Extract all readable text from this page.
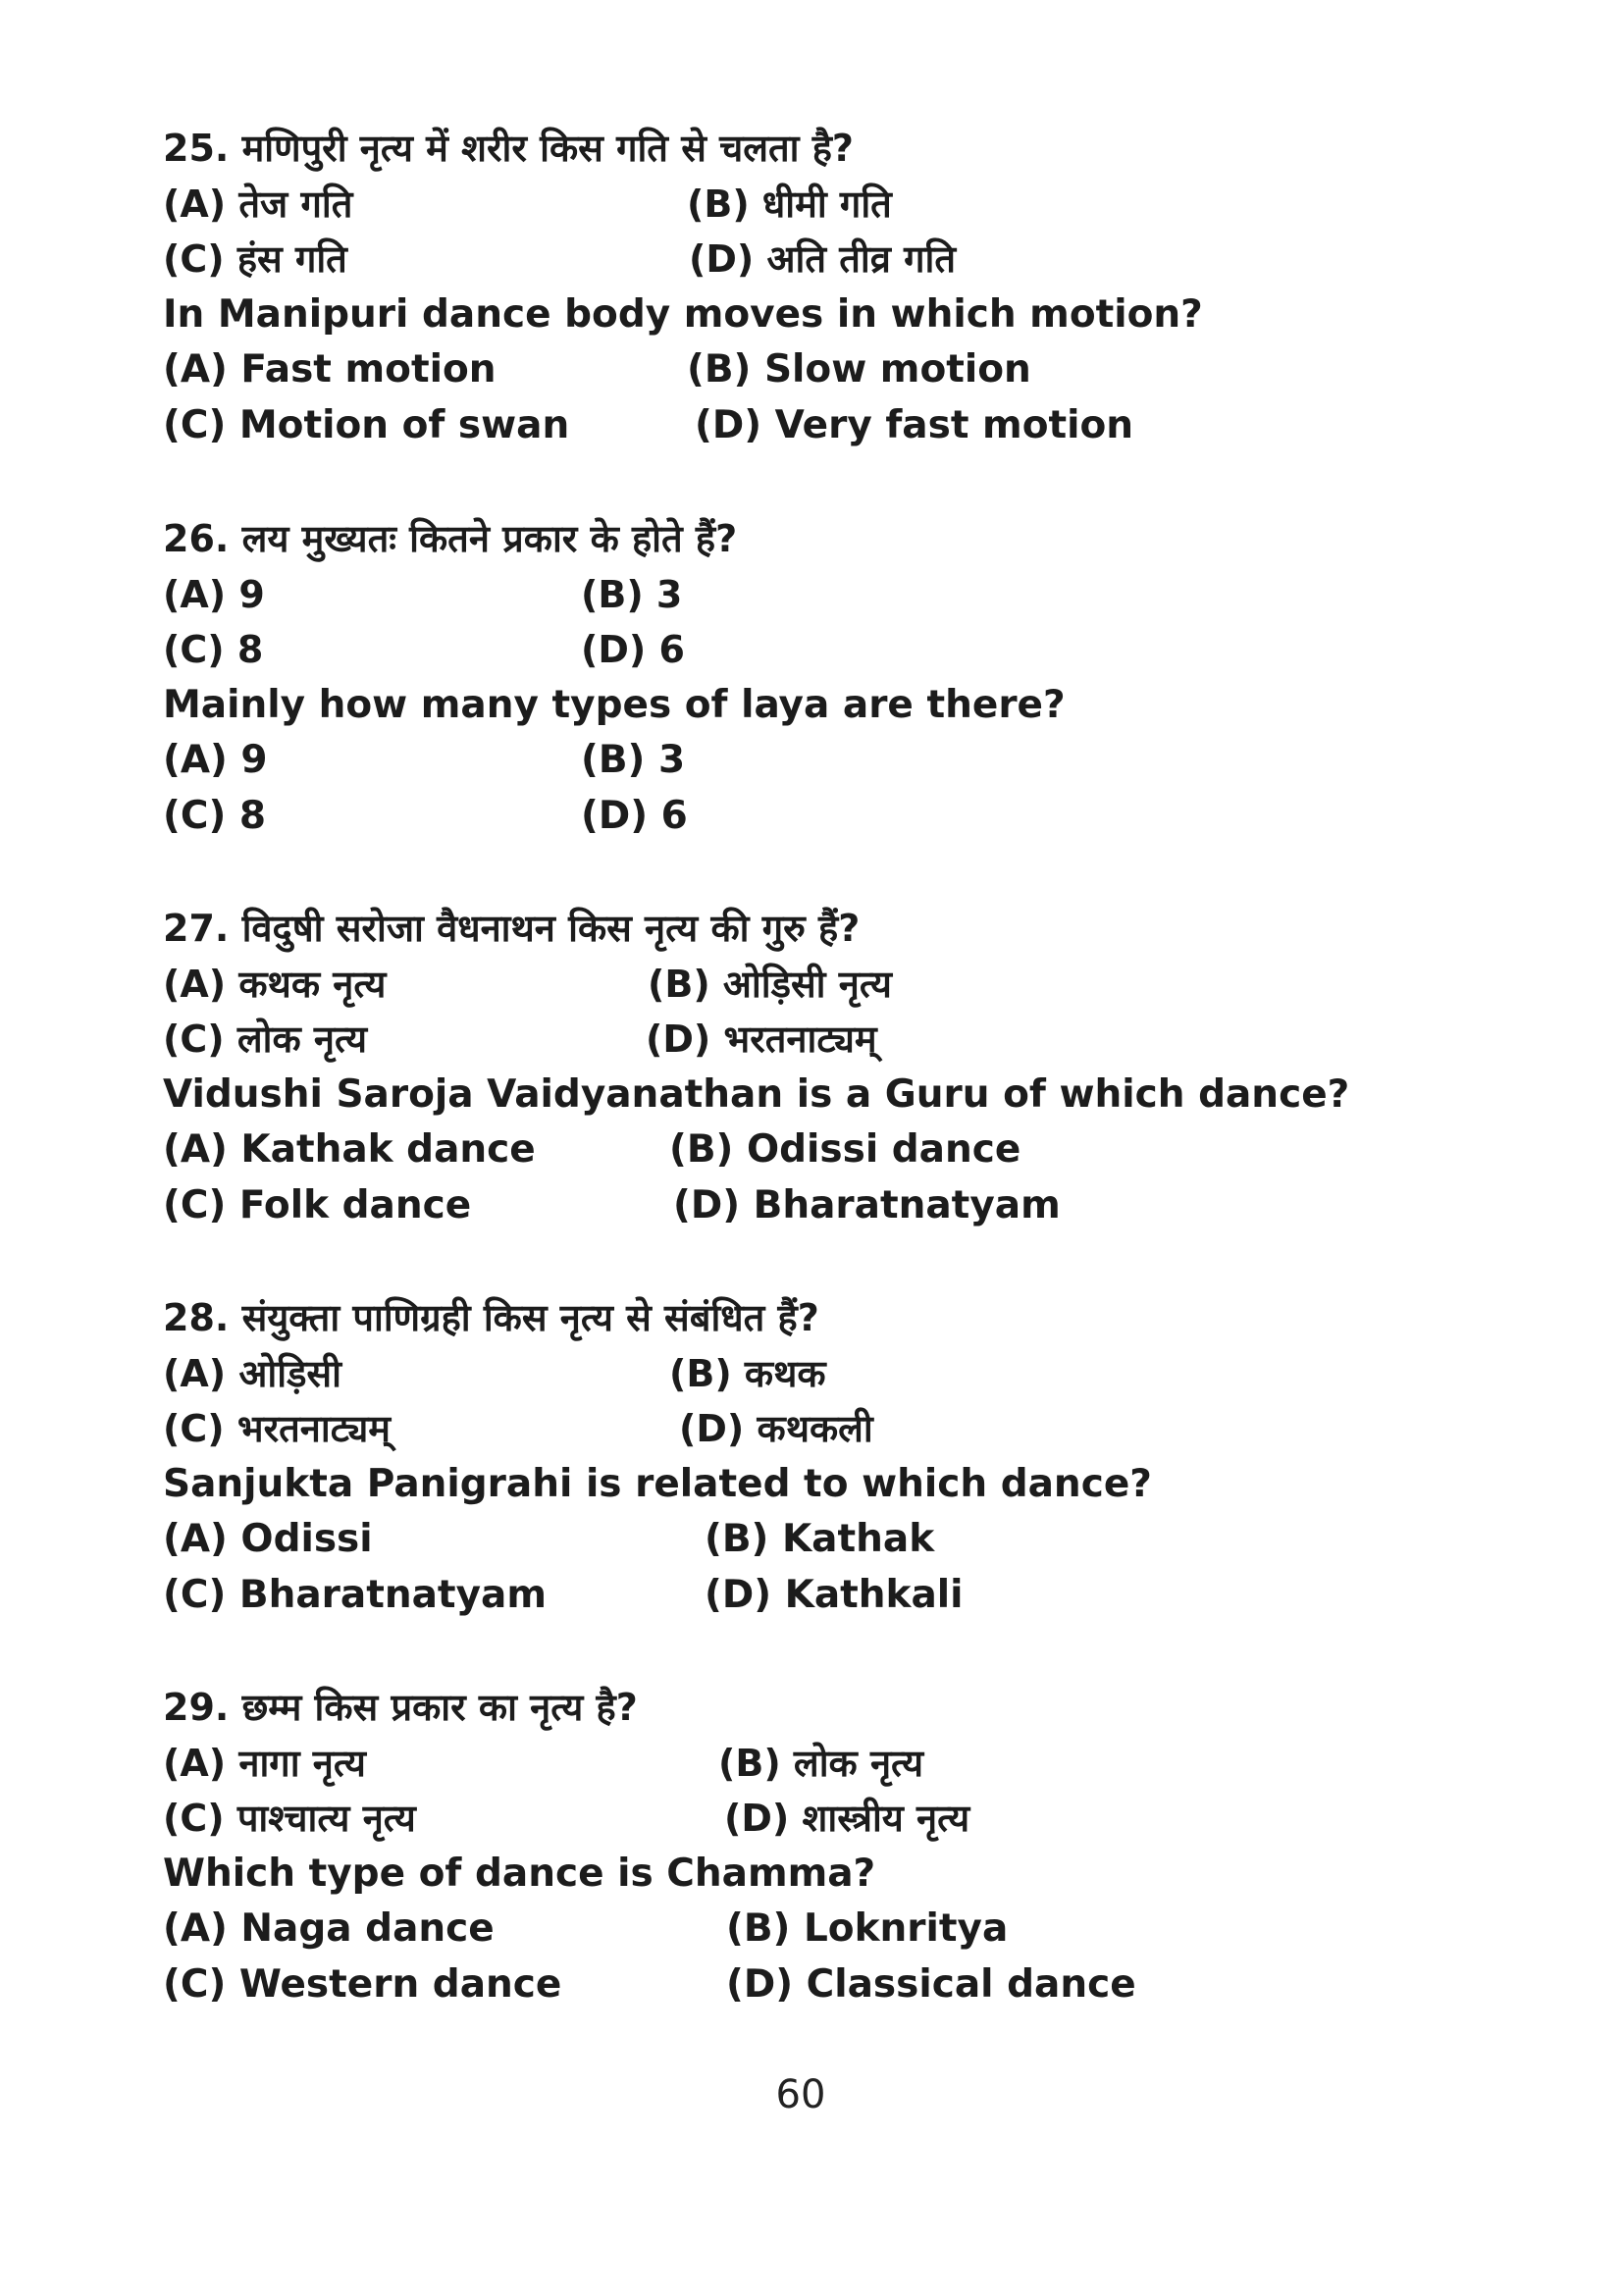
25. मणिपुरी नृत्य में शरीर किस गति से चलता है?
(A) तेज गति	(B) धीमी गति
(C) हंस गति	(D) अति तीव्र गति
In Manipuri dance body moves in which motion?
(A) Fast motion	(B) Slow motion
(C) Motion of swan	(D) Very fast motion
26. लय मुख्यतः कितने प्रकार के होते हैं?
(A) 9	(B) 3
(C) 8	(D) 6
Mainly how many types of laya are there?
(A) 9	(B) 3
(C) 8	(D) 6
27. विदुषी सरोजा वैधनाथन किस नृत्य की गुरु हैं?
(A) कथक नृत्य	(B) ओड़िसी नृत्य
(C) लोक नृत्य	(D) भरतनाट्यम्
Vidushi Saroja Vaidyanathan is a Guru of which dance?
(A) Kathak dance	(B) Odissi dance
(C) Folk dance	(D) Bharatnatyam
28. संयुक्ता पाणिग्रही किस नृत्य से संबंधित हैं?
(A) ओड़िसी	(B) कथक
(C) भरतनाट्यम्	(D) कथकली
Sanjukta Panigrahi is related to which dance?
(A) Odissi	(B) Kathak
(C) Bharatnatyam	(D) Kathkali
29. छम्म किस प्रकार का नृत्य है?
(A) नागा नृत्य	(B) लोक नृत्य
(C) पाश्चात्य नृत्य	(D) शास्त्रीय नृत्य
Which type of dance is Chamma?
(A) Naga dance	(B) Loknritya
(C) Western dance	(D) Classical dance
60
